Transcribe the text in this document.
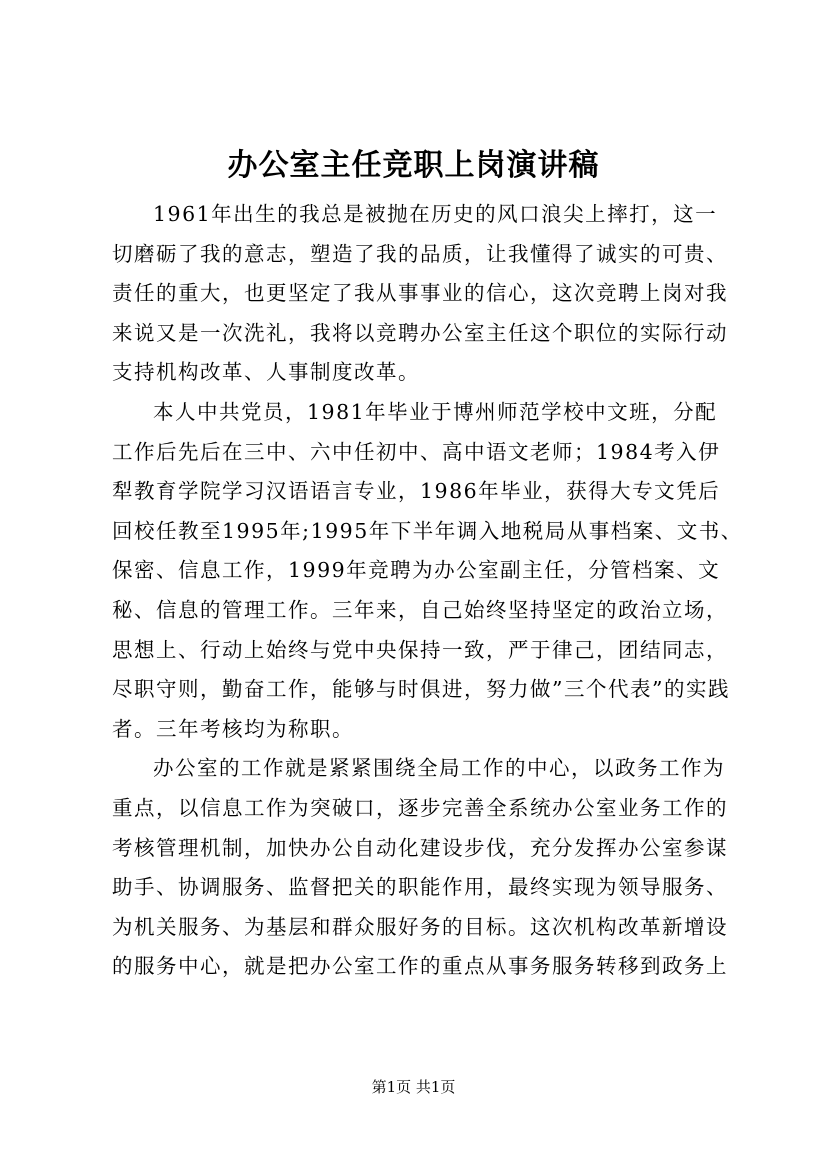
办公室主任竞职上岗演讲稿

1961年出生的我总是被抛在历史的风口浪尖上摔打，这一
切磨砺了我的意志，塑造了我的品质，让我懂得了诚实的可贵、
责任的重大，也更坚定了我从事事业的信心，这次竞聘上岗对我
来说又是一次洗礼，我将以竞聘办公室主任这个职位的实际行动
支持机构改革、人事制度改革。

本人中共党员，1981年毕业于博州师范学校中文班，分配
工作后先后在三中、六中任初中、高中语文老师；1984考入伊
犁教育学院学习汉语语言专业，1986年毕业，获得大专文凭后
回校任教至1995年;1995年下半年调入地税局从事档案、文书、
保密、信息工作，1999年竞聘为办公室副主任，分管档案、文
秘、信息的管理工作。三年来，自己始终坚持坚定的政治立场，
思想上、行动上始终与党中央保持一致，严于律己，团结同志，
尽职守则，勤奋工作，能够与时俱进，努力做”三个代表”的实践
者。三年考核均为称职。

办公室的工作就是紧紧围绕全局工作的中心，以政务工作为
重点，以信息工作为突破口，逐步完善全系统办公室业务工作的
考核管理机制，加快办公自动化建设步伐，充分发挥办公室参谋
助手、协调服务、监督把关的职能作用，最终实现为领导服务、
为机关服务、为基层和群众服好务的目标。这次机构改革新增设
的服务中心，就是把办公室工作的重点从事务服务转移到政务上

第1页 共1页
